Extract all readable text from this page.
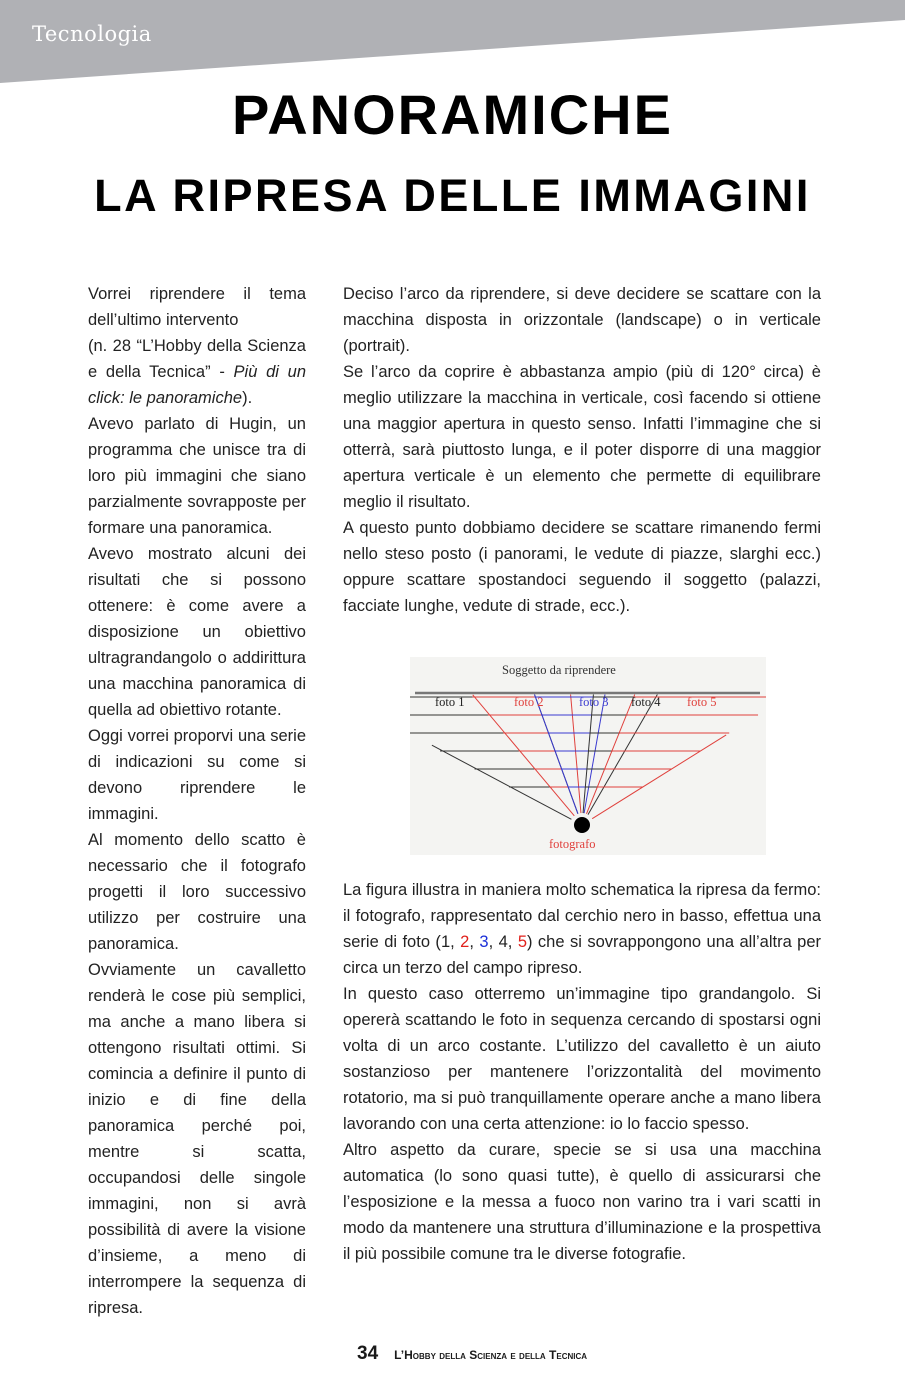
Tecnologia
PANORAMICHE
LA RIPRESA DELLE IMMAGINI

Vorrei riprendere il tema dell’ultimo intervento

(n. 28 “L’Hobby della Scienza e della Tecnica” - Più di un click: le panoramiche).

Avevo parlato di Hugin, un programma che unisce tra di loro più immagini che siano parzialmente sovrapposte per formare una panoramica.

Avevo mostrato alcuni dei risultati che si possono ottenere: è come avere a disposizione un obiettivo ultragrandangolo o addirittura una macchina panoramica di quella ad obiettivo rotante.

Oggi vorrei proporvi una serie di indicazioni su come si devono riprendere le immagini.

Al momento dello scatto è necessario che il fotografo progetti il loro successivo utilizzo per costruire una panoramica.

Ovviamente un cavalletto renderà le cose più semplici, ma anche a mano libera si ottengono risultati ottimi. Si comincia a definire il punto di inizio e di fine della panoramica perché poi, mentre si scatta, occupandosi delle singole immagini, non si avrà possibilità di avere la visione d’insieme, a meno di interrompere la sequenza di ripresa.

Deciso l’arco da riprendere, si deve decidere se scattare con la macchina disposta in orizzontale (landscape) o in verticale (portrait).

Se l’arco da coprire è abbastanza ampio (più di 120° circa) è meglio utilizzare la macchina in verticale, così facendo si ottiene una maggior apertura in questo senso. Infatti l’immagine che si otterrà, sarà piuttosto lunga, e il poter disporre di una maggior apertura verticale è un elemento che permette di equilibrare meglio il risultato.

A questo punto dobbiamo decidere se scattare rimanendo fermi nello steso posto (i panorami, le vedute di piazze, slarghi ecc.) oppure scattare spostandoci seguendo il soggetto (palazzi, facciate lunghe, vedute di strade, ecc.).

Soggetto da riprendere
foto 1	foto 2	foto 3 foto 4 foto 5
fotografo

La figura illustra in maniera molto schematica la ripresa da fermo: il fotografo, rappresentato dal cerchio nero in basso, effettua una serie di foto (1, 2, 3, 4, 5) che si sovrappongono una all’altra per circa un terzo del campo ripreso.

In questo caso otterremo un’immagine tipo grandangolo. Si opererà scattando le foto in sequenza cercando di spostarsi ogni volta di un arco costante. L’utilizzo del cavalletto è un aiuto sostanzioso per mantenere l’orizzontalità del movimento rotatorio, ma si può tranquillamente operare anche a mano libera lavorando con una certa attenzione: io lo faccio spesso.

Altro aspetto da curare, specie se si usa una macchina automatica (lo sono quasi tutte), è quello di assicurarsi che l’esposizione e la messa a fuoco non varino tra i vari scatti in modo da mantenere una struttura d’illuminazione e la prospettiva il più possibile comune tra le diverse fotografie.

34 L’Hobby della Scienza e della Tecnica
